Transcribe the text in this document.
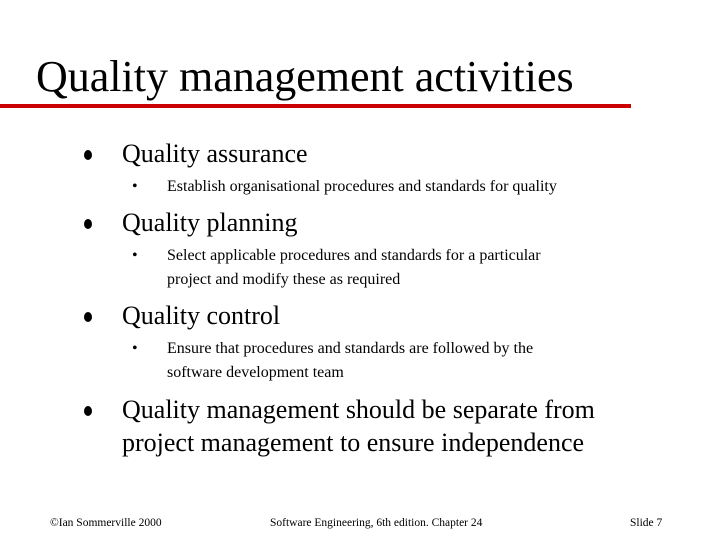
Quality management activities
Quality assurance
• Establish organisational procedures and standards for quality
Quality planning
• Select applicable procedures and standards for a particular
project and modify these as required
Quality control
• Ensure that procedures and standards are followed by the
software development team
Quality management should be separate from
project management to ensure independence
©Ian Sommerville 2000	Software Engineering, 6th edition. Chapter 24	Slide 7
